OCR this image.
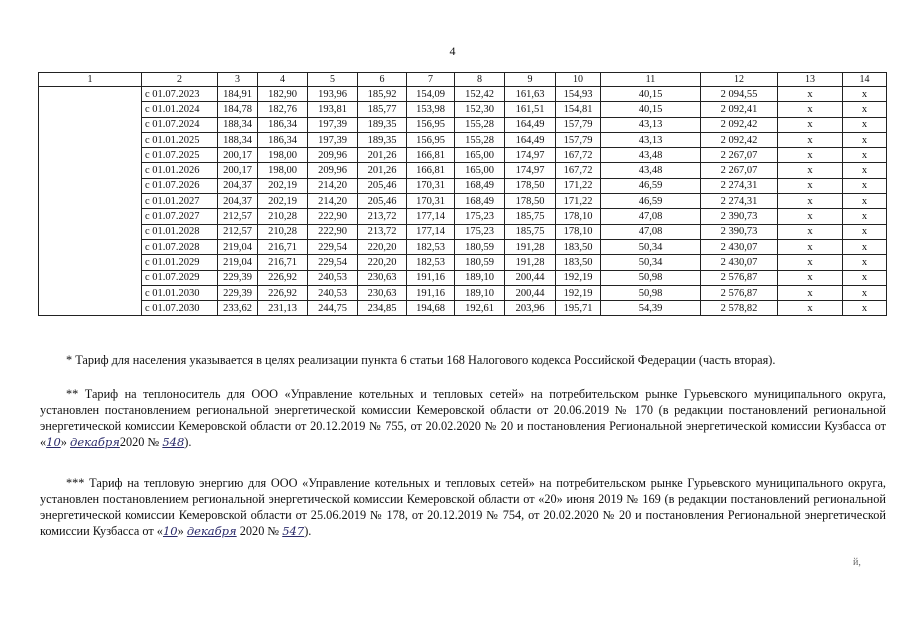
4
1	2	3	4	5	6	7	8	9	10	11	12	13	14
	с 01.07.2023	184,91	182,90	193,96	185,92	154,09	152,42	161,63	154,93	40,15	2 094,55	х	х
	с 01.01.2024	184,78	182,76	193,81	185,77	153,98	152,30	161,51	154,81	40,15	2 092,41	х	х
	с 01.07.2024	188,34	186,34	197,39	189,35	156,95	155,28	164,49	157,79	43,13	2 092,42	х	х
	с 01.01.2025	188,34	186,34	197,39	189,35	156,95	155,28	164,49	157,79	43,13	2 092,42	х	х
	с 01.07.2025	200,17	198,00	209,96	201,26	166,81	165,00	174,97	167,72	43,48	2 267,07	х	х
	с 01.01.2026	200,17	198,00	209,96	201,26	166,81	165,00	174,97	167,72	43,48	2 267,07	х	х
	с 01.07.2026	204,37	202,19	214,20	205,46	170,31	168,49	178,50	171,22	46,59	2 274,31	х	х
	с 01.01.2027	204,37	202,19	214,20	205,46	170,31	168,49	178,50	171,22	46,59	2 274,31	х	х
	с 01.07.2027	212,57	210,28	222,90	213,72	177,14	175,23	185,75	178,10	47,08	2 390,73	х	х
	с 01.01.2028	212,57	210,28	222,90	213,72	177,14	175,23	185,75	178,10	47,08	2 390,73	х	х
	с 01.07.2028	219,04	216,71	229,54	220,20	182,53	180,59	191,28	183,50	50,34	2 430,07	х	х
	с 01.01.2029	219,04	216,71	229,54	220,20	182,53	180,59	191,28	183,50	50,34	2 430,07	х	х
	с 01.07.2029	229,39	226,92	240,53	230,63	191,16	189,10	200,44	192,19	50,98	2 576,87	х	х
	с 01.01.2030	229,39	226,92	240,53	230,63	191,16	189,10	200,44	192,19	50,98	2 576,87	х	х
	с 01.07.2030	233,62	231,13	244,75	234,85	194,68	192,61	203,96	195,71	54,39	2 578,82	х	х

* Тариф для населения указывается в целях реализации пункта 6 статьи 168 Налогового кодекса Российской Федерации (часть вторая).

** Тариф на теплоноситель для ООО «Управление котельных и тепловых сетей» на потребительском рынке Гурьевского муниципального округа, установлен постановлением региональной энергетической комиссии Кемеровской области от 20.06.2019 № 170 (в редакции постановлений региональной энергетической комиссии Кемеровской области от 20.12.2019 № 755, от 20.02.2020 № 20 и постановления Региональной энергетической комиссии Кузбасса от «10» декабря2020 № 548).

*** Тариф на тепловую энергию для ООО «Управление котельных и тепловых сетей» на потребительском рынке Гурьевского муниципального округа, установлен постановлением региональной энергетической комиссии Кемеровской области от «20» июня 2019 № 169 (в редакции постановлений региональной энергетической комиссии Кемеровской области от 25.06.2019 № 178, от 20.12.2019 № 754, от 20.02.2020 № 20 и постановления Региональной энергетической комиссии Кузбасса от «10» декабря 2020 № 547).

й,
